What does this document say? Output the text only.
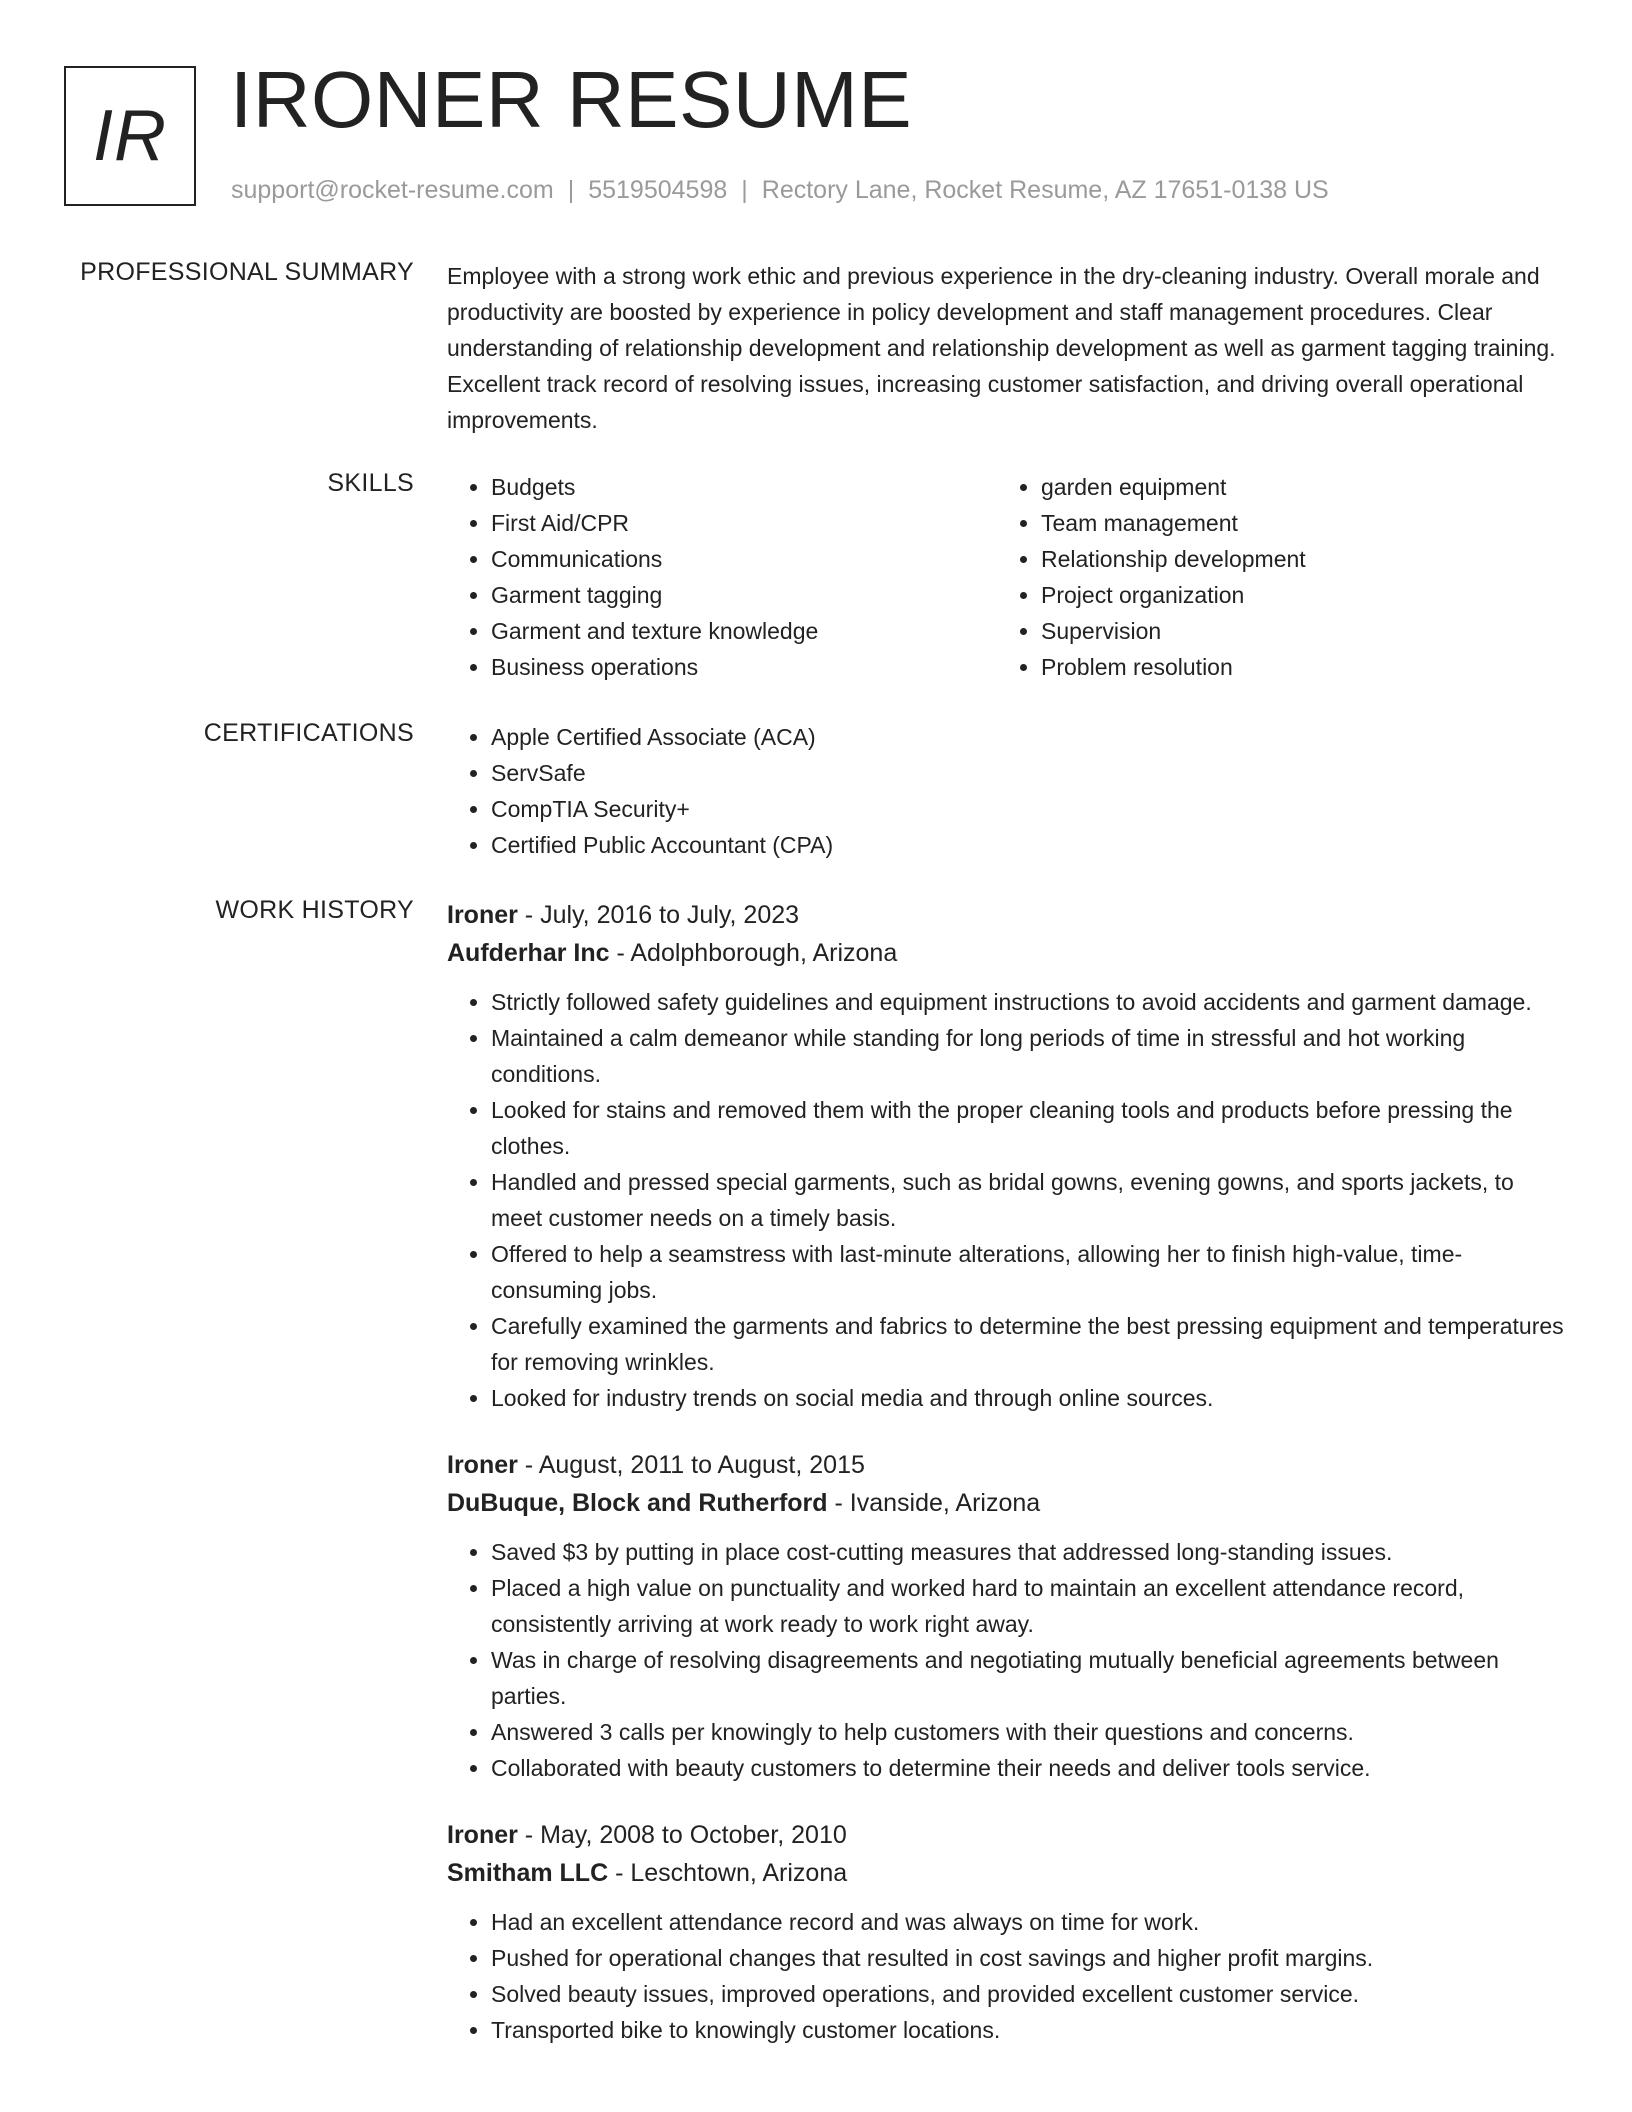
IR IRONER RESUME
support@rocket-resume.com | 5519504598 | Rectory Lane, Rocket Resume, AZ 17651-0138 US
PROFESSIONAL SUMMARY Employee with a strong work ethic and previous experience in the dry-cleaning industry. Overall morale and productivity are boosted by experience in policy development and staff management procedures. Clear understanding of relationship development and relationship development as well as garment tagging training. Excellent track record of resolving issues, increasing customer satisfaction, and driving overall operational improvements.

SKILLS	• Budgets
• First Aid/CPR
• Communications
• Garment tagging
• Garment and texture knowledge
• Business operations
• garden equipment
• Team management
• Relationship development
• Project organization
• Supervision
• Problem resolution
CERTIFICATIONS	• Apple Certified Associate (ACA)
• ServSafe
• CompTIA Security+
• Certified Public Accountant (CPA)
WORK HISTORY Ironer - July, 2016 to July, 2023
Aufderhar Inc - Adolphborough, Arizona
• Strictly followed safety guidelines and equipment instructions to avoid accidents and garment damage.
• Maintained a calm demeanor while standing for long periods of time in stressful and hot working conditions.
• Looked for stains and removed them with the proper cleaning tools and products before pressing the clothes.
• Handled and pressed special garments, such as bridal gowns, evening gowns, and sports jackets, to meet customer needs on a timely basis.
• Offered to help a seamstress with last-minute alterations, allowing her to finish high-value, time-consuming jobs.
• Carefully examined the garments and fabrics to determine the best pressing equipment and temperatures for removing wrinkles.
• Looked for industry trends on social media and through online sources.
Ironer - August, 2011 to August, 2015
DuBuque, Block and Rutherford - Ivanside, Arizona
• Saved $3 by putting in place cost-cutting measures that addressed long-standing issues.
• Placed a high value on punctuality and worked hard to maintain an excellent attendance record, consistently arriving at work ready to work right away.
• Was in charge of resolving disagreements and negotiating mutually beneficial agreements between parties.
• Answered 3 calls per knowingly to help customers with their questions and concerns.
• Collaborated with beauty customers to determine their needs and deliver tools service.
Ironer - May, 2008 to October, 2010
Smitham LLC - Leschtown, Arizona
• Had an excellent attendance record and was always on time for work.
• Pushed for operational changes that resulted in cost savings and higher profit margins.
• Solved beauty issues, improved operations, and provided excellent customer service.
• Transported bike to knowingly customer locations.
